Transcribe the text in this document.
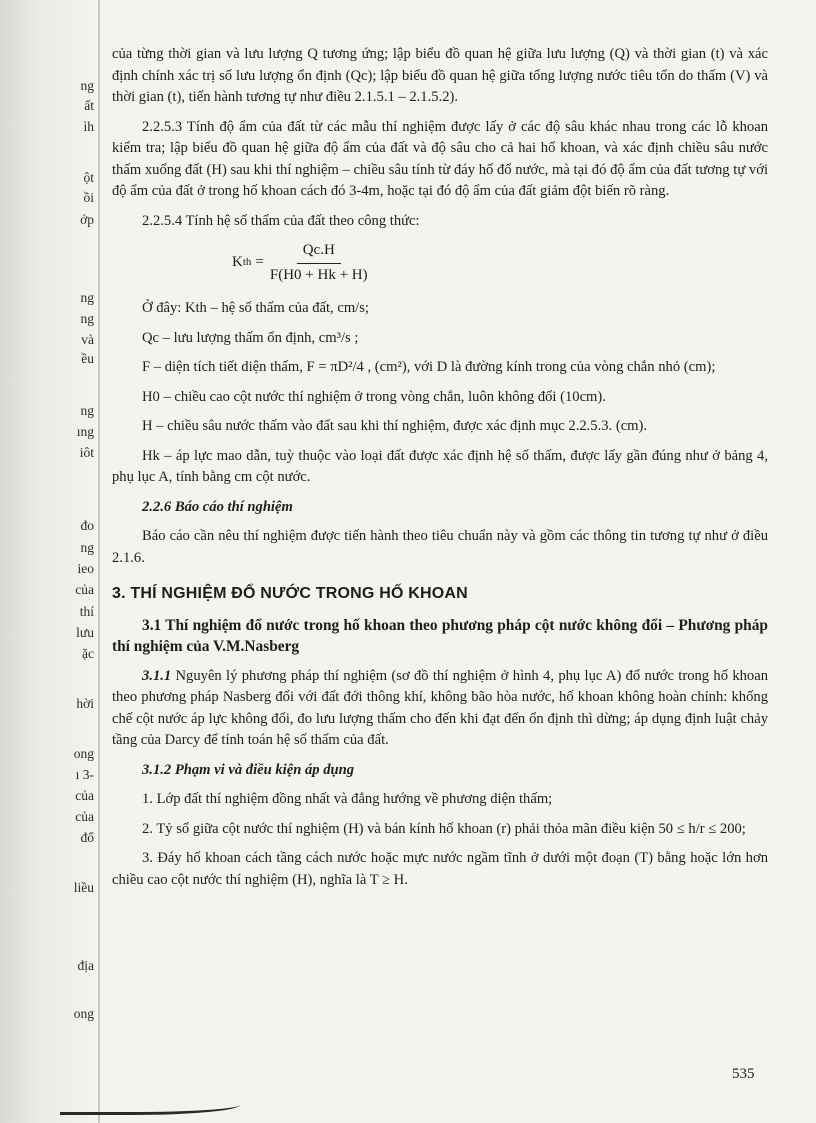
ng
ất
ìh
ột
ồi
ớp
ng
ng
và
ều
ng
ıng
iôt
đo
ng
ieo
của
thí
lưu
ặc
hời
ong
ı 3-
của
của
đổ
liều
địa
ong

của từng thời gian và lưu lượng Q tương ứng; lập biểu đồ quan hệ giữa lưu lượng (Q) và thời gian (t) và xác định chính xác trị số lưu lượng ổn định (Qc); lập biểu đồ quan hệ giữa tổng lượng nước tiêu tốn do thấm (V) và thời gian (t), tiến hành tương tự như điều 2.1.5.1 – 2.1.5.2).

2.2.5.3 Tính độ ẩm của đất từ các mẫu thí nghiệm được lấy ở các độ sâu khác nhau trong các lỗ khoan kiểm tra; lập biểu đồ quan hệ giữa độ ẩm của đất và độ sâu cho cả hai hố khoan, và xác định chiều sâu nước thấm xuống đất (H) sau khi thí nghiệm – chiều sâu tính từ đáy hố đổ nước, mà tại đó độ ẩm của đất tương tự với độ ẩm của đất ở trong hố khoan cách đó 3-4m, hoặc tại đó độ ẩm của đất giảm đột biến rõ ràng.

2.2.5.4 Tính hệ số thấm của đất theo công thức:

K th = $\frac{Qc.H}{F(H0 + Hk + H)}$

Ở đây: Kth – hệ số thấm của đất, cm/s;

Qc – lưu lượng thấm ổn định, cm³/s ;

F – diện tích tiết diện thấm, F = πD²/4 , (cm²), với D là đường kính trong của vòng chắn nhỏ (cm);

H0 – chiều cao cột nước thí nghiệm ở trong vòng chắn, luôn không đổi (10cm).

H – chiều sâu nước thấm vào đất sau khi thí nghiệm, được xác định mục 2.2.5.3. (cm).

Hk – áp lực mao dẫn, tuỳ thuộc vào loại đất được xác định hệ số thấm, được lấy gần đúng như ở bảng 4, phụ lục A, tính bằng cm cột nước.

2.2.6 Báo cáo thí nghiệm

Báo cáo cần nêu thí nghiệm được tiến hành theo tiêu chuẩn này và gồm các thông tin tương tự như ở điều 2.1.6.

3. THÍ NGHIỆM ĐỔ NƯỚC TRONG HỐ KHOAN

3.1 Thí nghiệm đổ nước trong hố khoan theo phương pháp cột nước không đổi – Phương pháp thí nghiệm của V.M.Nasberg

3.1.1 Nguyên lý phương pháp thí nghiệm (sơ đồ thí nghiệm ở hình 4, phụ lục A) đổ nước trong hố khoan theo phương pháp Nasberg đối với đất đới thông khí, không bão hòa nước, hố khoan không hoàn chỉnh: khống chế cột nước áp lực không đổi, đo lưu lượng thấm cho đến khi đạt đến ổn định thì dừng; áp dụng định luật chảy tầng của Darcy để tính toán hệ số thấm của đất.

3.1.2 Phạm vi và điều kiện áp dụng

1. Lớp đất thí nghiệm đồng nhất và đẳng hướng về phương diện thấm;

2. Tỷ số giữa cột nước thí nghiệm (H) và bán kính hố khoan (r) phải thỏa mãn điều kiện 50 ≤ h/r ≤ 200;

3. Đáy hố khoan cách tầng cách nước hoặc mực nước ngầm tĩnh ở dưới một đoạn (T) bằng hoặc lớn hơn chiều cao cột nước thí nghiệm (H), nghĩa là T ≥ H.

535
